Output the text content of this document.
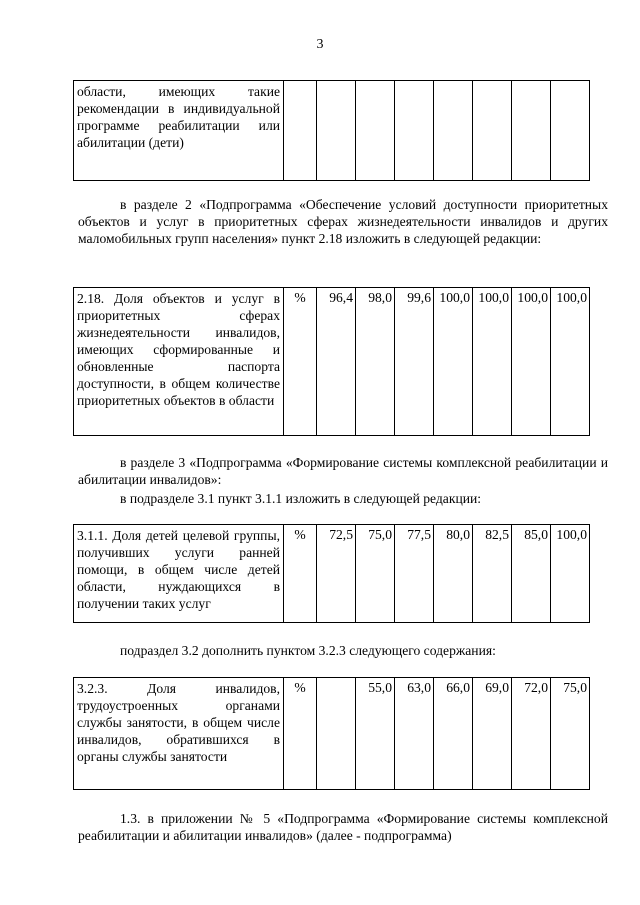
3
области, имеющих такие рекомендации в индивидуальной программе реабилитации или абилитации (дети)								
в разделе 2 «Подпрограмма «Обеспечение условий доступности приоритетных объектов и услуг в приоритетных сферах жизнедеятельности инвалидов и других маломобильных групп населения» пункт 2.18 изложить в следующей редакции:
2.18. Доля объектов и услуг в приоритетных сферах жизнедеятельности инвалидов, имеющих сформированные и обновленные паспорта доступности, в общем количестве приоритетных объектов в области	%	96,4	98,0	99,6	100,0	100,0	100,0	100,0
в разделе 3 «Подпрограмма «Формирование системы комплексной реабилитации и абилитации инвалидов»:
в подразделе 3.1 пункт 3.1.1 изложить в следующей редакции:
3.1.1. Доля детей целевой группы, получивших услуги ранней помощи, в общем числе детей области, нуждающихся в получении таких услуг	%	72,5	75,0	77,5	80,0	82,5	85,0	100,0
подраздел 3.2 дополнить пунктом 3.2.3 следующего содержания:
3.2.3. Доля инвалидов, трудоустроенных органами службы занятости, в общем числе инвалидов, обратившихся в органы службы занятости	%		55,0	63,0	66,0	69,0	72,0	75,0
1.3. в приложении № 5 «Подпрограмма «Формирование системы комплексной реабилитации и абилитации инвалидов» (далее - подпрограмма)
